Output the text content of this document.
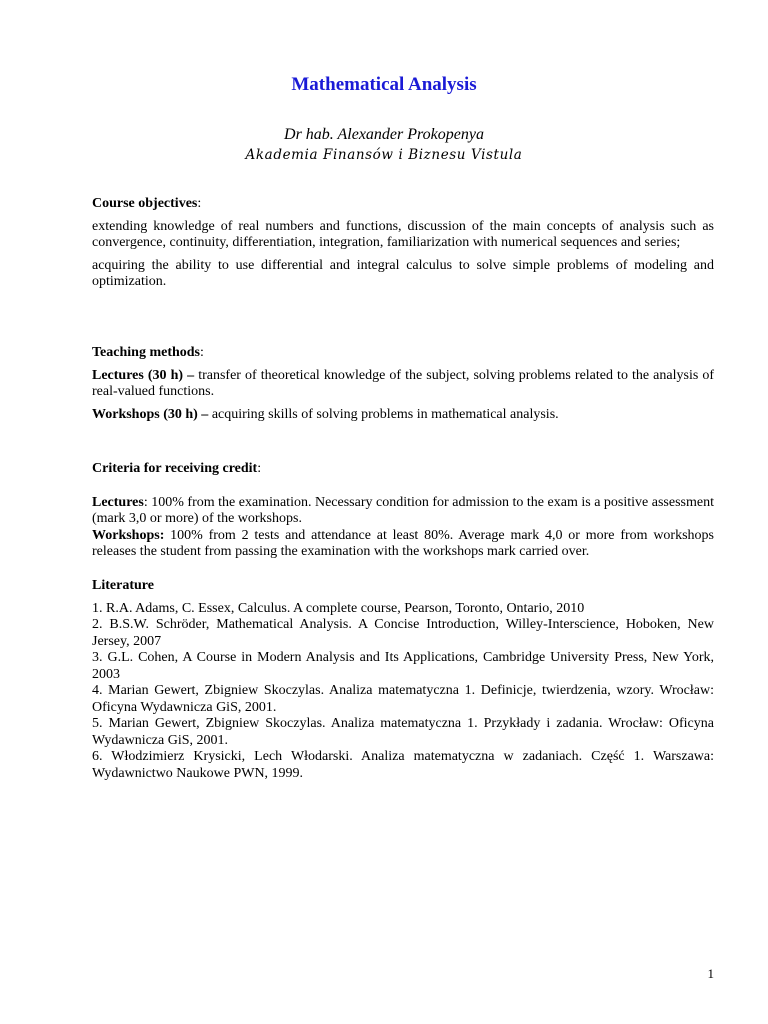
Mathematical Analysis
Dr hab. Alexander Prokopenya
Akademia Finansów i Biznesu Vistula
Course objectives:

extending knowledge of real numbers and functions, discussion of the main concepts of analysis such as convergence, continuity, differentiation, integration, familiarization with numerical sequences and series;

acquiring the ability to use differential and integral calculus to solve simple problems of modeling and optimization.

Teaching methods:

Lectures (30 h) – transfer of theoretical knowledge of the subject, solving problems related to the analysis of real-valued functions.

Workshops (30 h) – acquiring skills of solving problems in mathematical analysis.

Criteria for receiving credit:

Lectures: 100% from the examination. Necessary condition for admission to the exam is a positive assessment (mark 3,0 or more) of the workshops.

Workshops: 100% from 2 tests and attendance at least 80%. Average mark 4,0 or more from workshops releases the student from passing the examination with the workshops mark carried over.

Literature

1. R.A. Adams, C. Essex, Calculus. A complete course, Pearson, Toronto, Ontario, 2010

2. B.S.W. Schröder, Mathematical Analysis. A Concise Introduction, Willey-Interscience, Hoboken, New Jersey, 2007

3. G.L. Cohen, A Course in Modern Analysis and Its Applications, Cambridge University Press, New York, 2003

4. Marian Gewert, Zbigniew Skoczylas. Analiza matematyczna 1. Definicje, twierdzenia, wzory. Wrocław: Oficyna Wydawnicza GiS, 2001.

5. Marian Gewert, Zbigniew Skoczylas. Analiza matematyczna 1. Przykłady i zadania. Wrocław: Oficyna Wydawnicza GiS, 2001.

6. Włodzimierz Krysicki, Lech Włodarski. Analiza matematyczna w zadaniach. Część 1. Warszawa: Wydawnictwo Naukowe PWN, 1999.

1
